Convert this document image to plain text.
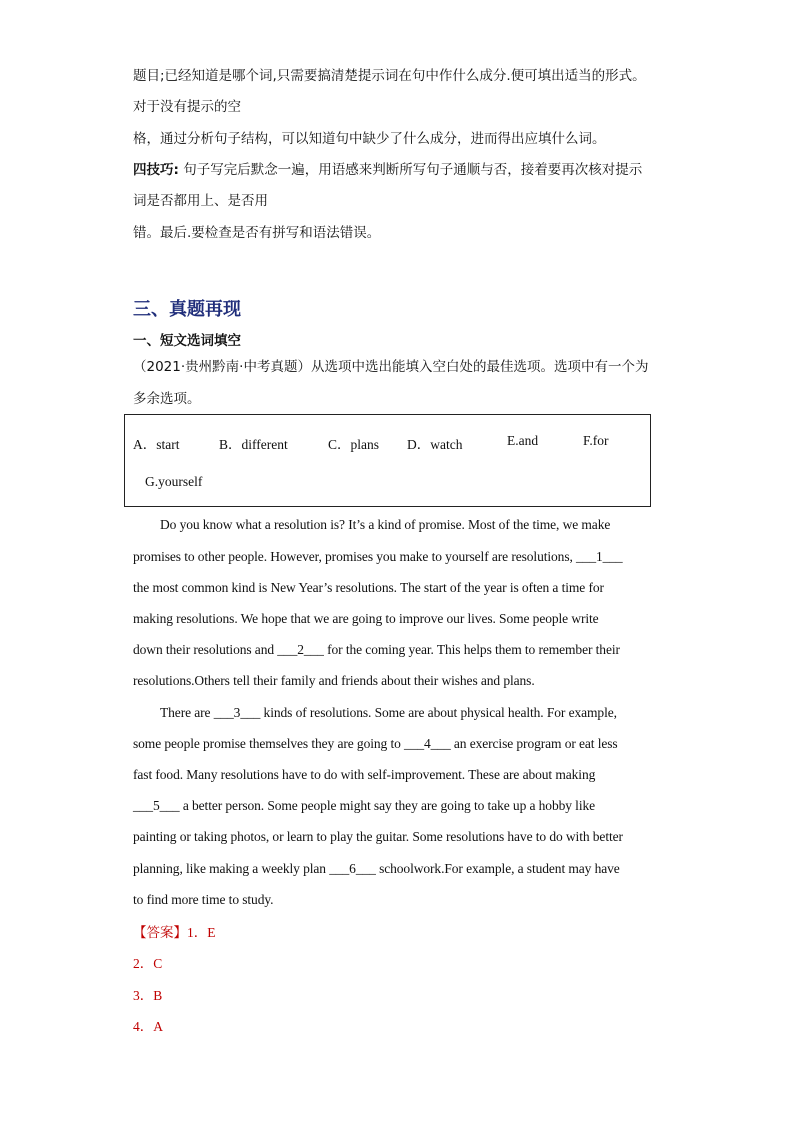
题目;已经知道是哪个词,只需要搞清楚提示词在句中作什么成分.便可填出适当的形式。
对于没有提示的空
格，通过分析句子结构，可以知道句中缺少了什么成分，进而得出应填什么词。
四技巧: 句子写完后默念一遍，用语感来判断所写句子通顺与否，接着要再次核对提示
词是否都用上、是否用
错。最后.要检查是否有拼写和语法错误。
三、真题再现
一、短文选词填空
（2021·贵州黔南·中考真题）从选项中选出能填入空白处的最佳选项。选项中有一个为
多余选项。
A．start	B．different	C．plans D．watch	E.and	F.for
G.yourself
Do you know what a resolution is? It’s a kind of promise. Most of the time, we make
promises to other people. However, promises you make to yourself are resolutions, ___1___
the most common kind is New Year’s resolutions. The start of the year is often a time for
making resolutions. We hope that we are going to improve our lives. Some people write
down their resolutions and ___2___ for the coming year. This helps them to remember their
resolutions.Others tell their family and friends about their wishes and plans.
There are ___3___ kinds of resolutions. Some are about physical health. For example,
some people promise themselves they are going to ___4___ an exercise program or eat less
fast food. Many resolutions have to do with self-improvement. These are about making
___5___ a better person. Some people might say they are going to take up a hobby like
painting or taking photos, or learn to play the guitar. Some resolutions have to do with better
planning, like making a weekly plan ___6___ schoolwork.For example, a student may have
to find more time to study.
【答案】1．E
2．C
3．B
4．A
